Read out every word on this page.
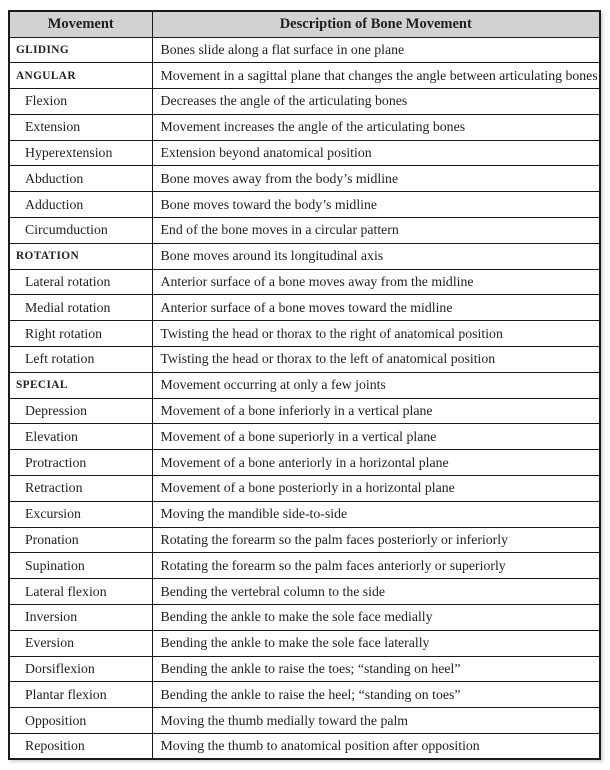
Movement	Description of Bone Movement
GLIDING	Bones slide along a flat surface in one plane
ANGULAR	Movement in a sagittal plane that changes the angle between articulating bones
Flexion	Decreases the angle of the articulating bones
Extension	Movement increases the angle of the articulating bones
Hyperextension	Extension beyond anatomical position
Abduction	Bone moves away from the body’s midline
Adduction	Bone moves toward the body’s midline
Circumduction	End of the bone moves in a circular pattern
ROTATION	Bone moves around its longitudinal axis
Lateral rotation	Anterior surface of a bone moves away from the midline
Medial rotation	Anterior surface of a bone moves toward the midline
Right rotation	Twisting the head or thorax to the right of anatomical position
Left rotation	Twisting the head or thorax to the left of anatomical position
SPECIAL	Movement occurring at only a few joints
Depression	Movement of a bone inferiorly in a vertical plane
Elevation	Movement of a bone superiorly in a vertical plane
Protraction	Movement of a bone anteriorly in a horizontal plane
Retraction	Movement of a bone posteriorly in a horizontal plane
Excursion	Moving the mandible side-to-side
Pronation	Rotating the forearm so the palm faces posteriorly or inferiorly
Supination	Rotating the forearm so the palm faces anteriorly or superiorly
Lateral flexion	Bending the vertebral column to the side
Inversion	Bending the ankle to make the sole face medially
Eversion	Bending the ankle to make the sole face laterally
Dorsiflexion	Bending the ankle to raise the toes; “standing on heel”
Plantar flexion	Bending the ankle to raise the heel; “standing on toes”
Opposition	Moving the thumb medially toward the palm
Reposition	Moving the thumb to anatomical position after opposition
